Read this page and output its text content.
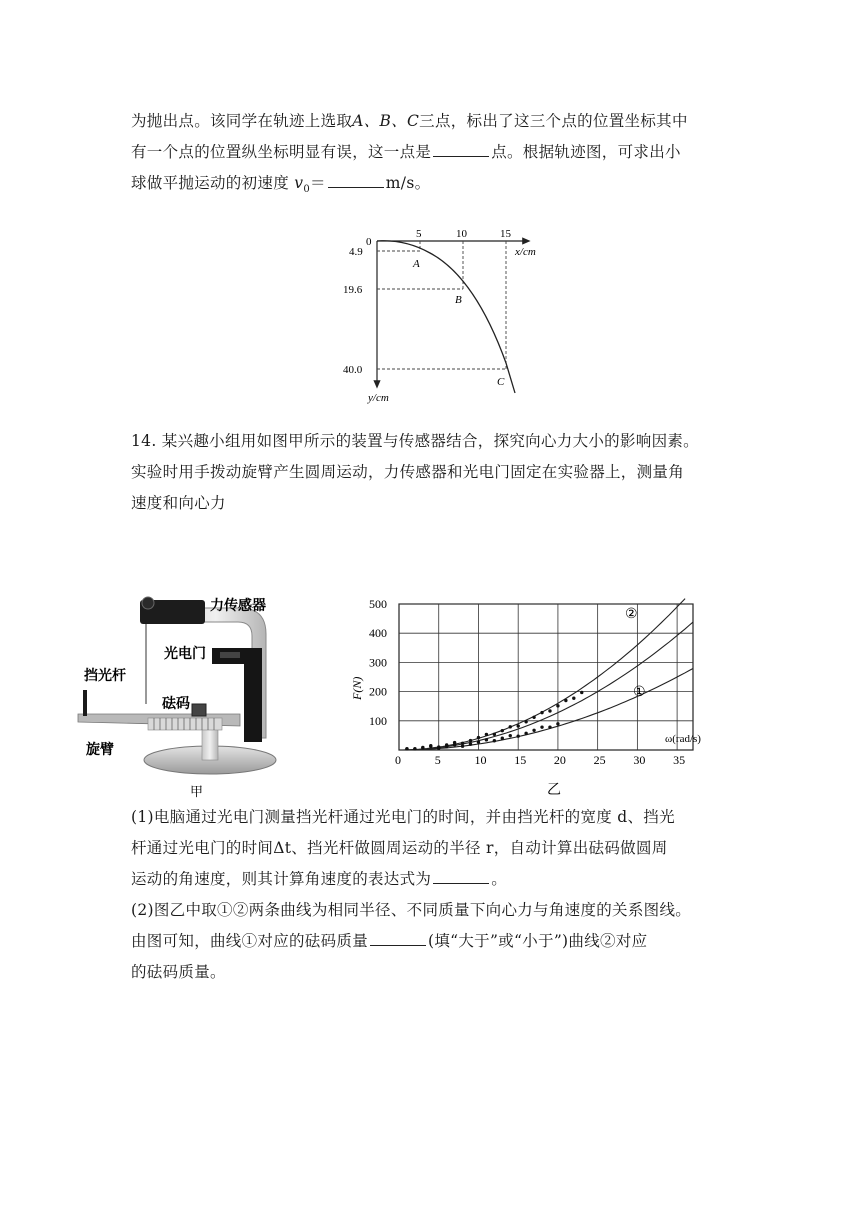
为抛出点。该同学在轨迹上选取A、B、C三点，标出了这三个点的位置坐标其中
有一个点的位置纵坐标明显有误，这一点是	点。根据轨迹图，可求出小
球做平抛运动的初速度 $v_0=$	m/s。
0
5	10	15
x/cm
4.9
19.6
40.0
y/cm
A
B
C
14. 某兴趣小组用如图甲所示的装置与传感器结合，探究向心力大小的影响因素。
实验时用手拨动旋臂产生圆周运动，力传感器和光电门固定在实验器上，测量角
速度和向心力
力传感器
光电门
挡光杆
砝码
旋臂
甲
0	5	10 15 20 25 30 35
100
200
300
400
500
①
②
F(N)
ω(rad/s)
乙
(1)电脑通过光电门测量挡光杆通过光电门的时间，并由挡光杆的宽度 d、挡光
杆通过光电门的时间Δt、挡光杆做圆周运动的半径 r，自动计算出砝码做圆周
运动的角速度，则其计算角速度的表达式为	。
(2)图乙中取①②两条曲线为相同半径、不同质量下向心力与角速度的关系图线。
由图可知，曲线①对应的砝码质量	(填“大于”或“小于”)曲线②对应
的砝码质量。
